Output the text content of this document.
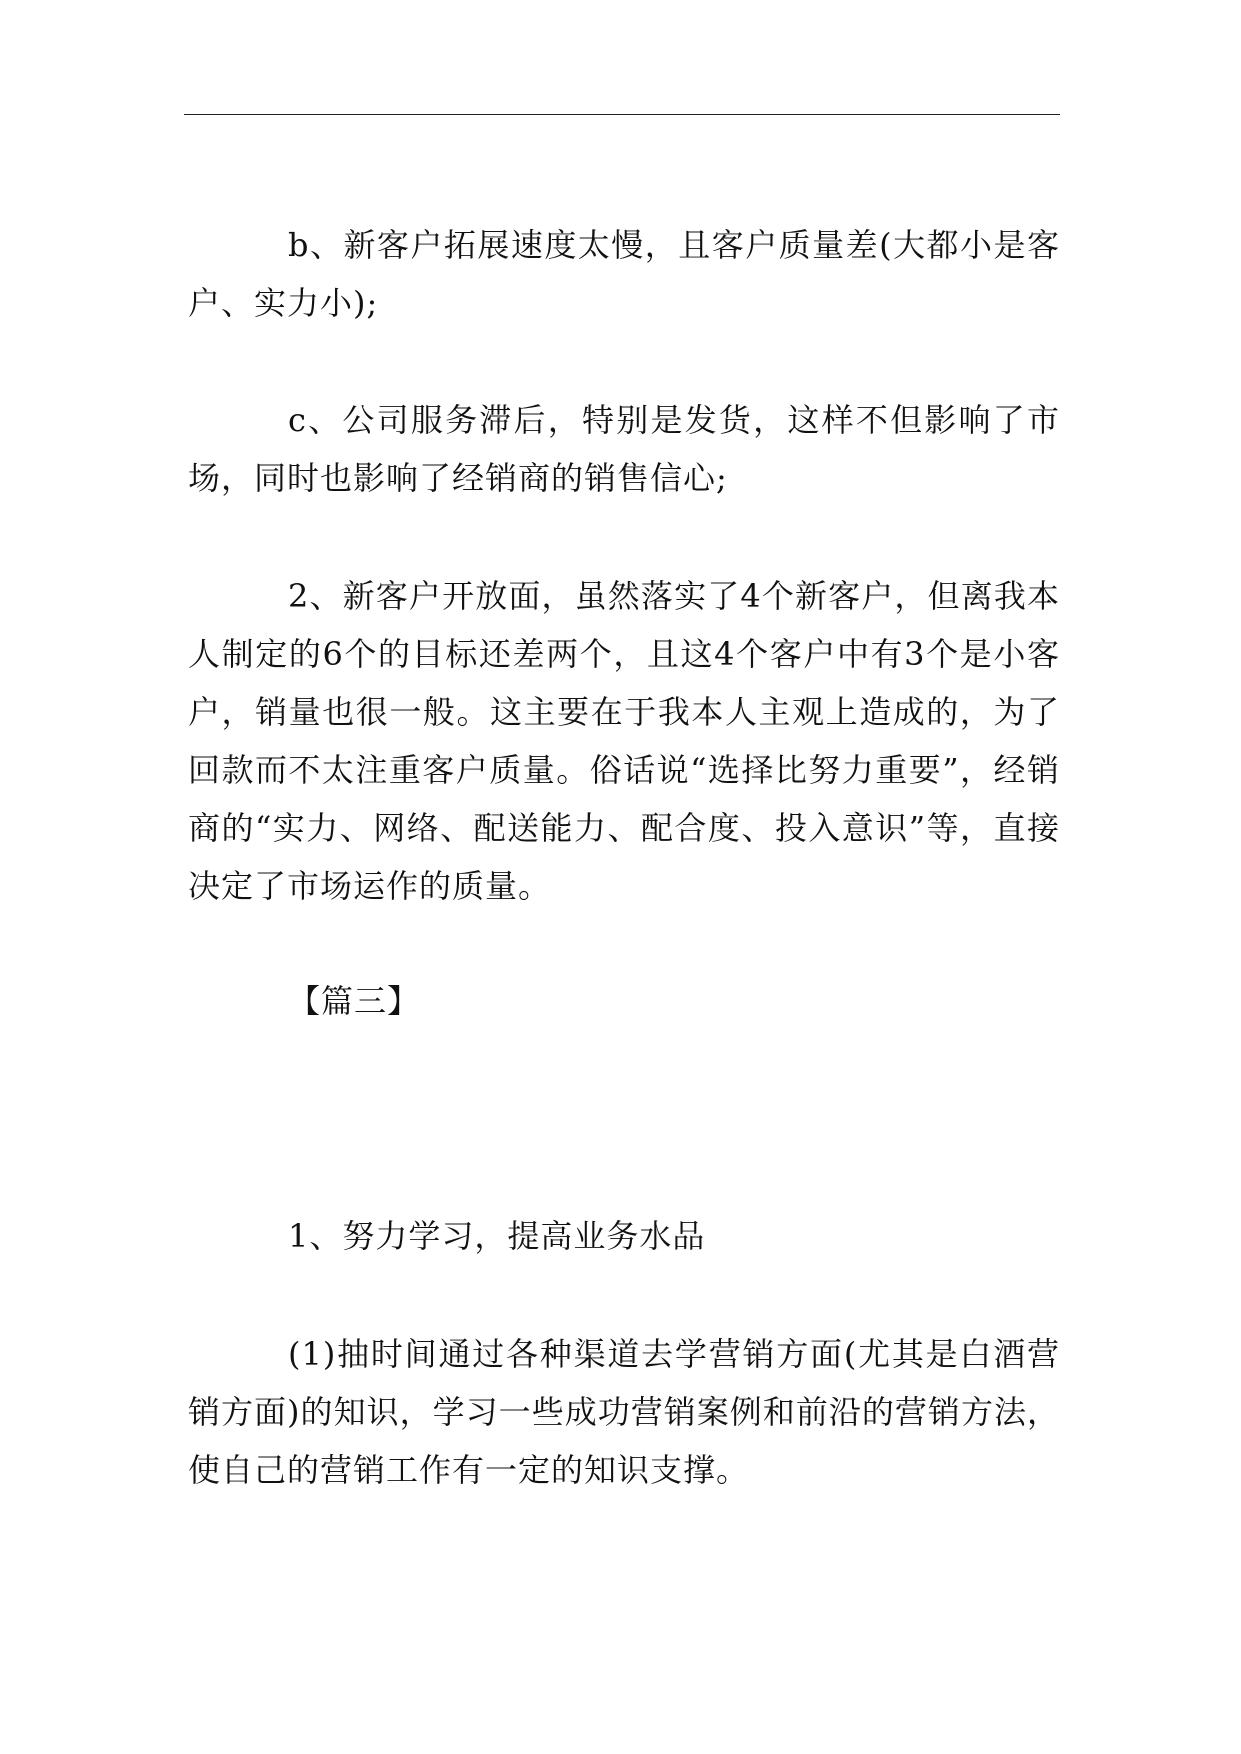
b、新客户拓展速度太慢，且客户质量差(大都小是客户、实力小);

c、公司服务滞后，特别是发货，这样不但影响了市场，同时也影响了经销商的销售信心;

2、新客户开放面，虽然落实了4个新客户，但离我本人制定的6个的目标还差两个，且这4个客户中有3个是小客户，销量也很一般。这主要在于我本人主观上造成的，为了回款而不太注重客户质量。俗话说“选择比努力重要”，经销商的“实力、网络、配送能力、配合度、投入意识”等，直接决定了市场运作的质量。

【篇三】

1、努力学习，提高业务水品

(1)抽时间通过各种渠道去学营销方面(尤其是白酒营销方面)的知识，学习一些成功营销案例和前沿的营销方法，使自己的营销工作有一定的知识支撑。
